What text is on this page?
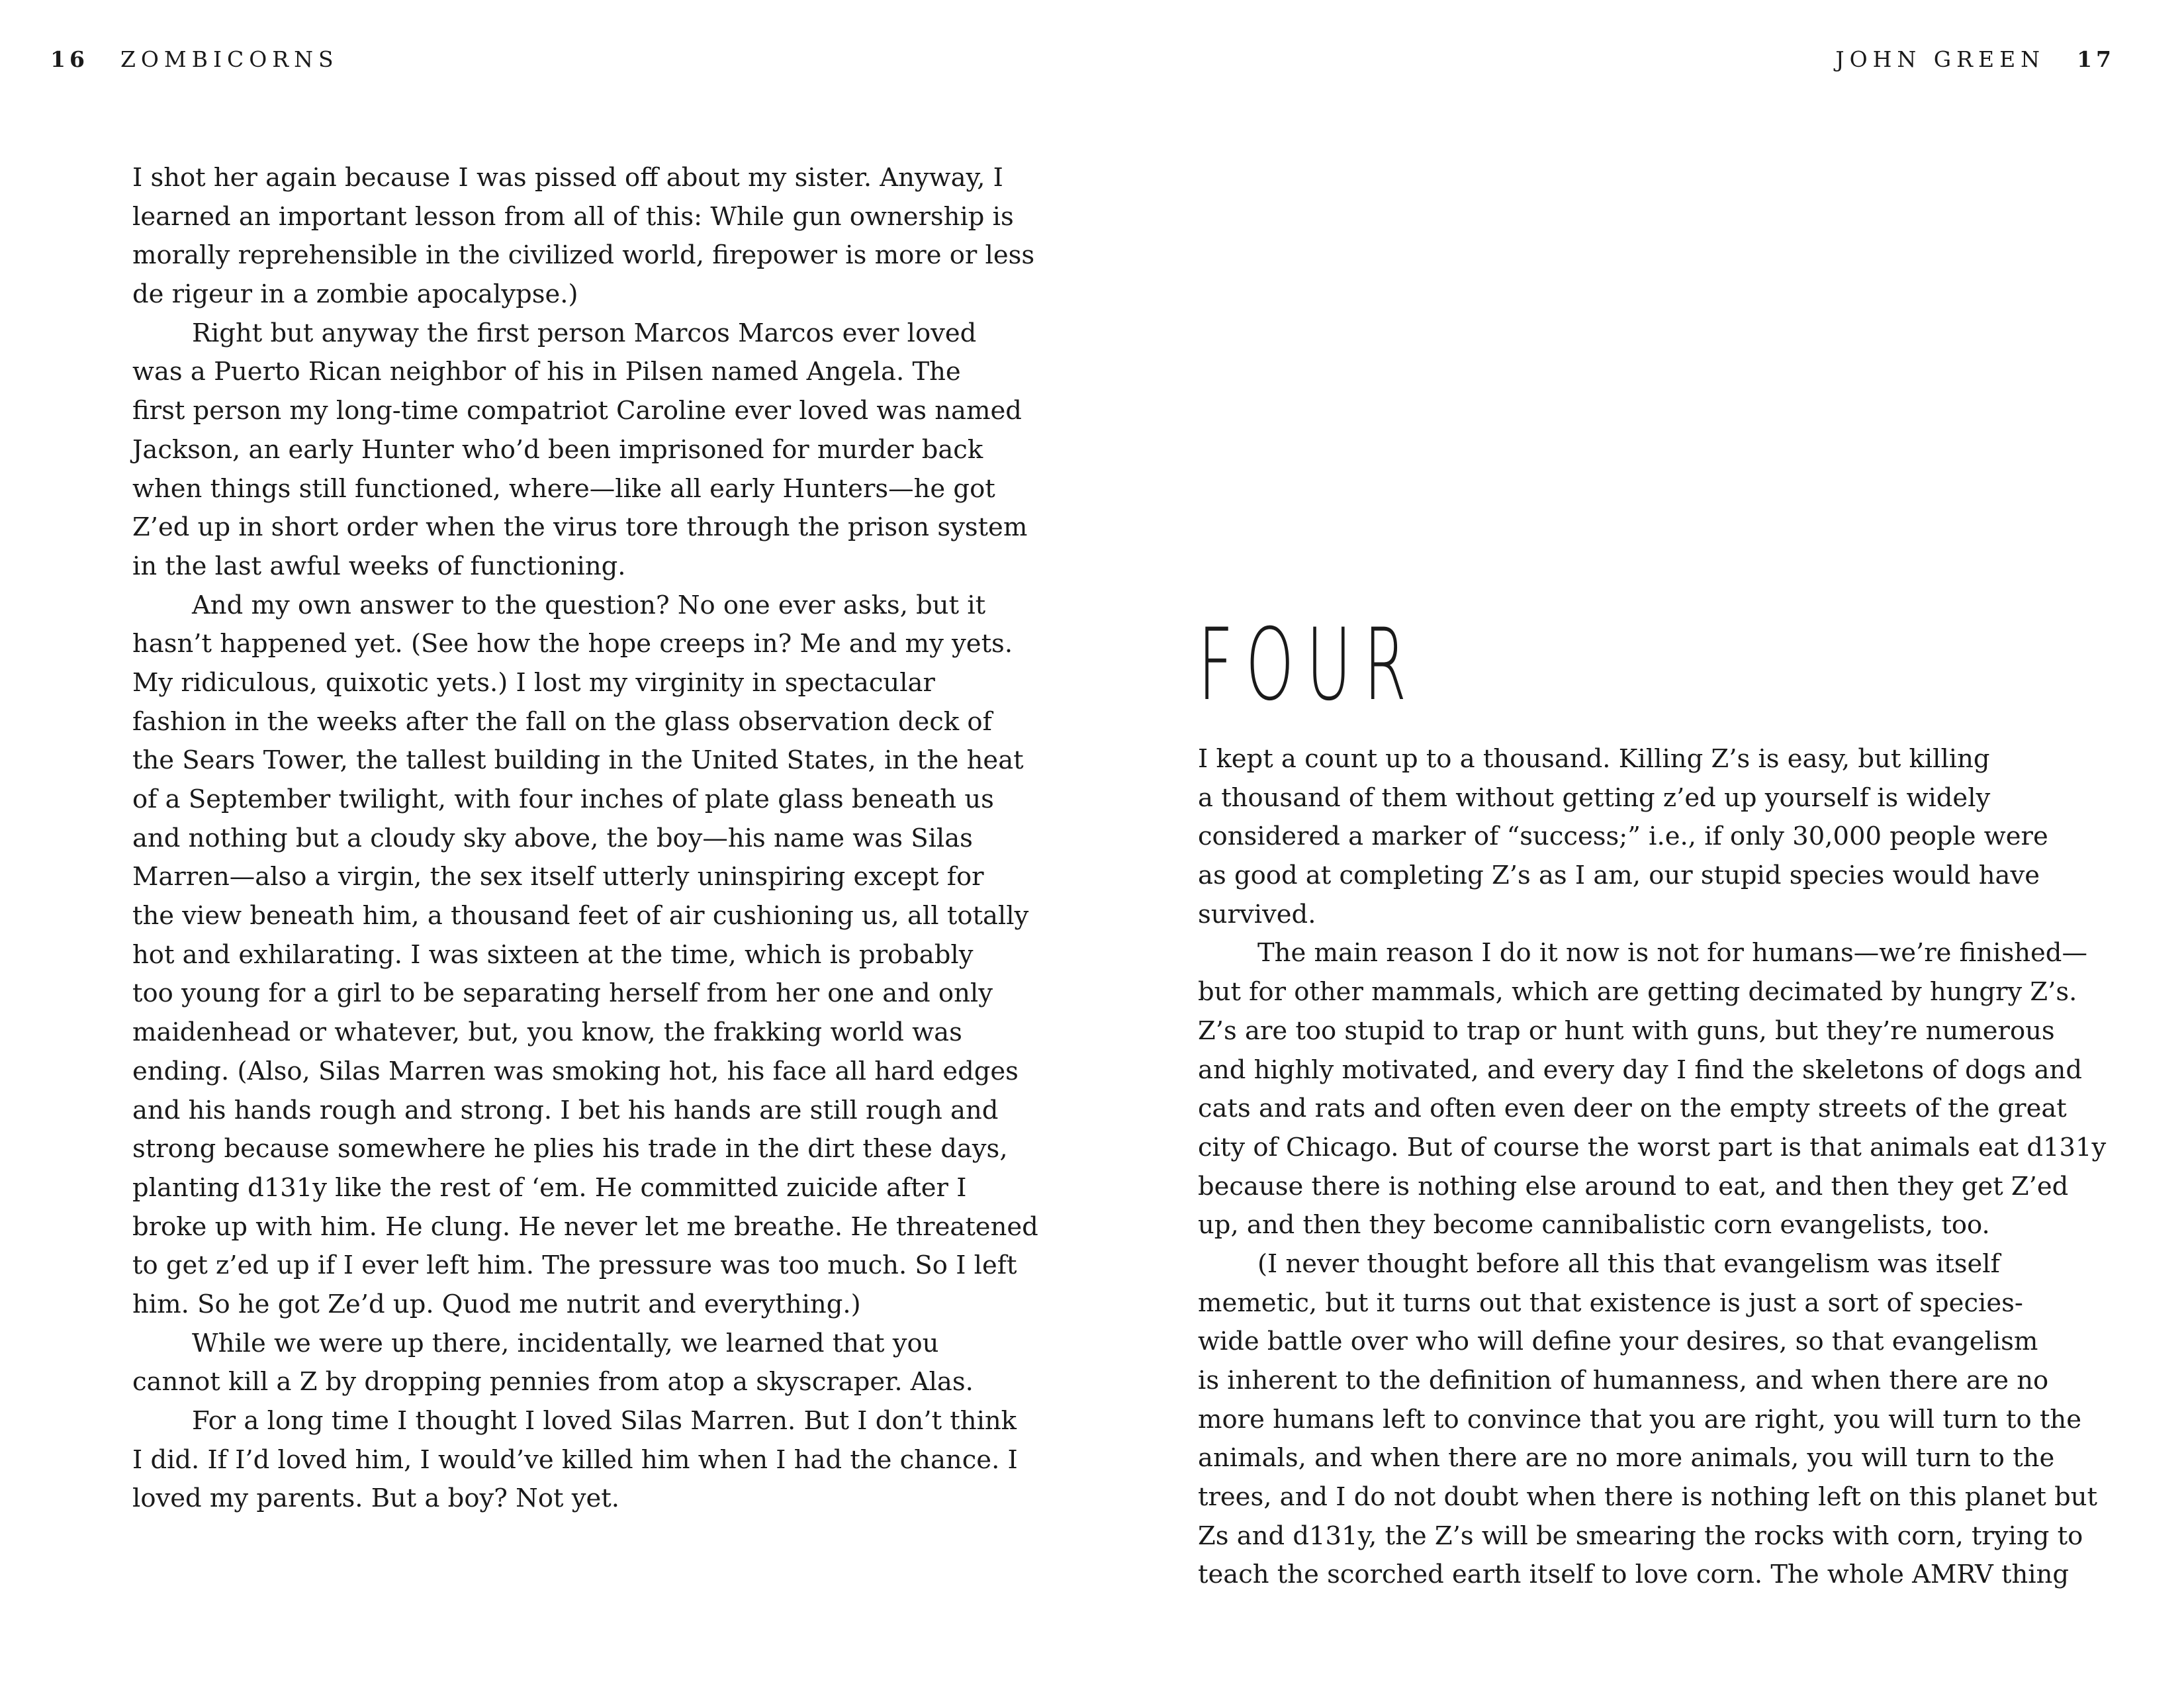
16 ZOMBICORNS
I shot her again because I was pissed off about my sister. Anyway, I
learned an important lesson from all of this: While gun ownership is
morally reprehensible in the civilized world, firepower is more or less
de rigeur in a zombie apocalypse.)
Right but anyway the first person Marcos Marcos ever loved
was a Puerto Rican neighbor of his in Pilsen named Angela. The
first person my long-time compatriot Caroline ever loved was named
Jackson, an early Hunter who’d been imprisoned for murder back
when things still functioned, where—like all early Hunters—he got
Z’ed up in short order when the virus tore through the prison system
in the last awful weeks of functioning.
And my own answer to the question? No one ever asks, but it
hasn’t happened yet. (See how the hope creeps in? Me and my yets.
My ridiculous, quixotic yets.) I lost my virginity in spectacular
fashion in the weeks after the fall on the glass observation deck of
the Sears Tower, the tallest building in the United States, in the heat
of a September twilight, with four inches of plate glass beneath us
and nothing but a cloudy sky above, the boy—his name was Silas
Marren—also a virgin, the sex itself utterly uninspiring except for
the view beneath him, a thousand feet of air cushioning us, all totally
hot and exhilarating. I was sixteen at the time, which is probably
too young for a girl to be separating herself from her one and only
maidenhead or whatever, but, you know, the frakking world was
ending. (Also, Silas Marren was smoking hot, his face all hard edges
and his hands rough and strong. I bet his hands are still rough and
strong because somewhere he plies his trade in the dirt these days,
planting d131y like the rest of ‘em. He committed zuicide after I
broke up with him. He clung. He never let me breathe. He threatened
to get z’ed up if I ever left him. The pressure was too much. So I left
him. So he got Ze’d up. Quod me nutrit and everything.)
While we were up there, incidentally, we learned that you
cannot kill a Z by dropping pennies from atop a skyscraper. Alas.
For a long time I thought I loved Silas Marren. But I don’t think
I did. If I’d loved him, I would’ve killed him when I had the chance. I
loved my parents. But a boy? Not yet.
JOHN GREEN 17
FOUR
I kept a count up to a thousand. Killing Z’s is easy, but killing
a thousand of them without getting z’ed up yourself is widely
considered a marker of “success;” i.e., if only 30,000 people were
as good at completing Z’s as I am, our stupid species would have
survived.
The main reason I do it now is not for humans—we’re finished—
but for other mammals, which are getting decimated by hungry Z’s.
Z’s are too stupid to trap or hunt with guns, but they’re numerous
and highly motivated, and every day I find the skeletons of dogs and
cats and rats and often even deer on the empty streets of the great
city of Chicago. But of course the worst part is that animals eat d131y
because there is nothing else around to eat, and then they get Z’ed
up, and then they become cannibalistic corn evangelists, too.
(I never thought before all this that evangelism was itself
memetic, but it turns out that existence is just a sort of species-
wide battle over who will define your desires, so that evangelism
is inherent to the definition of humanness, and when there are no
more humans left to convince that you are right, you will turn to the
animals, and when there are no more animals, you will turn to the
trees, and I do not doubt when there is nothing left on this planet but
Zs and d131y, the Z’s will be smearing the rocks with corn, trying to
teach the scorched earth itself to love corn. The whole AMRV thing
